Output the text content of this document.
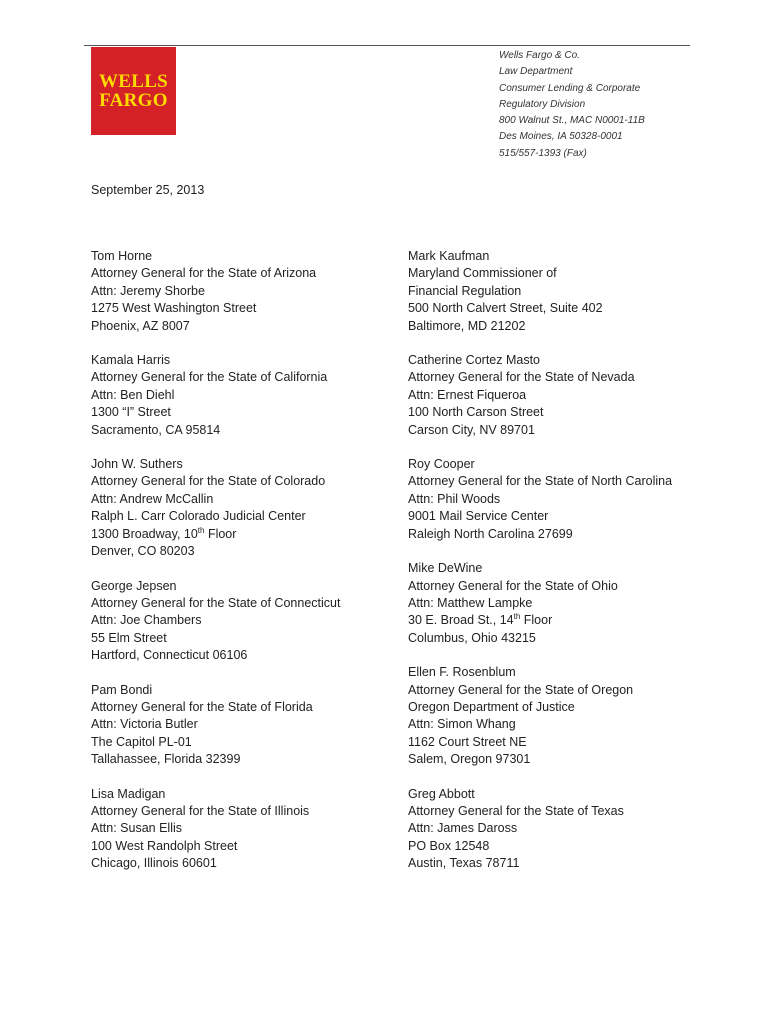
WELLS
FARGO
Wells Fargo & Co.
Law Department
Consumer Lending & Corporate
Regulatory Division
800 Walnut St., MAC N0001-11B
Des Moines, IA 50328-0001
515/557-1393 (Fax)
September 25, 2013
Tom Horne
Attorney General for the State of Arizona
Attn: Jeremy Shorbe
1275 West Washington Street
Phoenix, AZ 8007
Kamala Harris
Attorney General for the State of California
Attn: Ben Diehl
1300 “I” Street
Sacramento, CA 95814
John W. Suthers
Attorney General for the State of Colorado
Attn: Andrew McCallin
Ralph L. Carr Colorado Judicial Center
1300 Broadway, 10th Floor
Denver, CO 80203
George Jepsen
Attorney General for the State of Connecticut
Attn: Joe Chambers
55 Elm Street
Hartford, Connecticut 06106
Pam Bondi
Attorney General for the State of Florida
Attn: Victoria Butler
The Capitol PL-01
Tallahassee, Florida 32399
Lisa Madigan
Attorney General for the State of Illinois
Attn: Susan Ellis
100 West Randolph Street
Chicago, Illinois 60601
Mark Kaufman
Maryland Commissioner of
Financial Regulation
500 North Calvert Street, Suite 402
Baltimore, MD 21202
Catherine Cortez Masto
Attorney General for the State of Nevada
Attn: Ernest Fiqueroa
100 North Carson Street
Carson City, NV 89701
Roy Cooper
Attorney General for the State of North Carolina
Attn: Phil Woods
9001 Mail Service Center
Raleigh North Carolina 27699
Mike DeWine
Attorney General for the State of Ohio
Attn: Matthew Lampke
30 E. Broad St., 14th Floor
Columbus, Ohio 43215
Ellen F. Rosenblum
Attorney General for the State of Oregon
Oregon Department of Justice
Attn: Simon Whang
1162 Court Street NE
Salem, Oregon 97301
Greg Abbott
Attorney General for the State of Texas
Attn: James Daross
PO Box 12548
Austin, Texas 78711
